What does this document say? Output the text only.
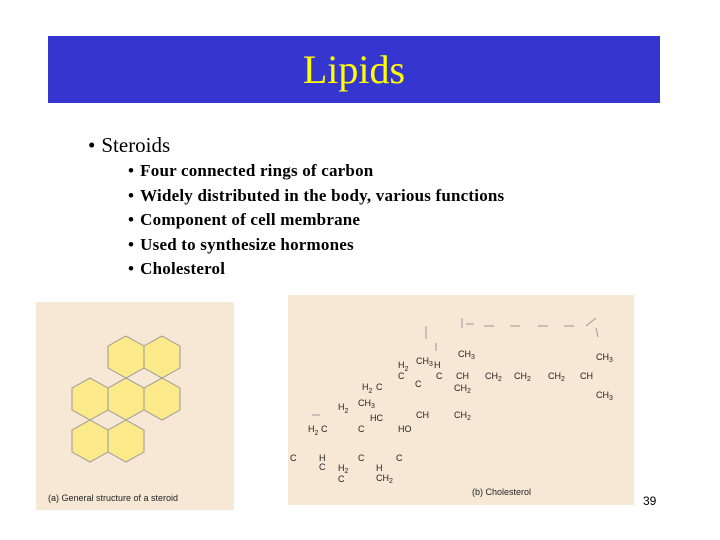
Lipids
• Steroids
• Four connected rings of carbon
• Widely distributed in the body, various functions
• Component of cell membrane
• Used to synthesize hormones
• Cholesterol
(a) General structure of a steroid
$CH_3$	$CH_3$
$H_2$
$CH_3$ H
C
C
C CH $CH_2$ $CH_2$ $CH_2$ CH
$CH_3$
$CH_2$
$H_2$ C
$H_2$
$CH_3$
HC	CH	$CH_2$
$H_2$ C	C	HO
C	H
C $H_2$
C
C
H
$CH_2$
C
(b) Cholesterol
39
